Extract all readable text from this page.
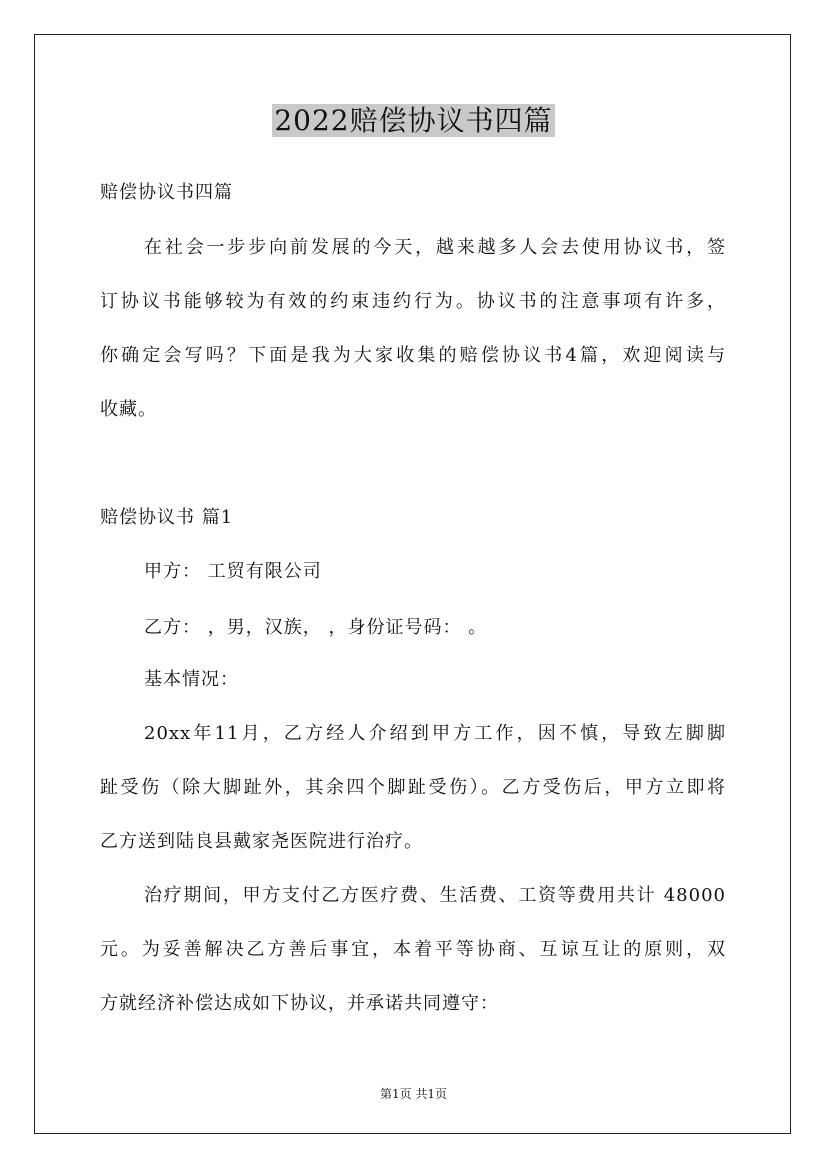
2022赔偿协议书四篇
赔偿协议书四篇
在社会一步步向前发展的今天，越来越多人会去使用协议书，签
订协议书能够较为有效的约束违约行为。协议书的注意事项有许多，
你确定会写吗？下面是我为大家收集的赔偿协议书4篇，欢迎阅读与
收藏。
赔偿协议书 篇1
甲方： 工贸有限公司
乙方： ，男，汉族， ，身份证号码： 。
基本情况：
20xx年11月，乙方经人介绍到甲方工作，因不慎，导致左脚脚
趾受伤（除大脚趾外，其余四个脚趾受伤）。乙方受伤后，甲方立即将
乙方送到陆良县戴家尧医院进行治疗。
治疗期间，甲方支付乙方医疗费、生活费、工资等费用共计 48000
元。为妥善解决乙方善后事宜，本着平等协商、互谅互让的原则，双
方就经济补偿达成如下协议，并承诺共同遵守：
第1页 共1页
